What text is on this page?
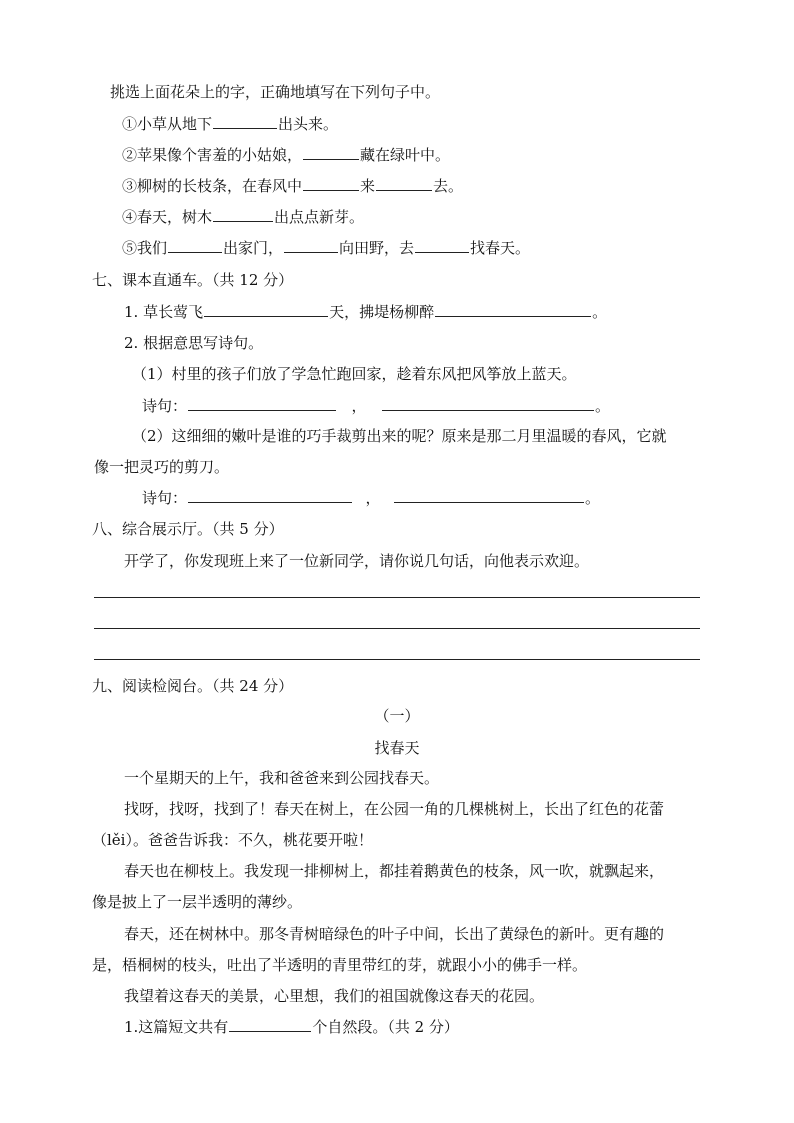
挑选上面花朵上的字，正确地填写在下列句子中。
①小草从地下	出头来。
②苹果像个害羞的小姑娘，	藏在绿叶中。
③柳树的长枝条，在春风中	来	去。
④春天，树木	出点点新芽。
⑤我们	出家门，	向田野，去	找春天。
七、课本直通车。（共 12 分）
1. 草长莺飞	天，拂堤杨柳醉	。
2. 根据意思写诗句。
（1）村里的孩子们放了学急忙跑回家，趁着东风把风筝放上蓝天。
诗句：	，	。
（2）这细细的嫩叶是谁的巧手裁剪出来的呢？原来是那二月里温暖的春风，它就
像一把灵巧的剪刀。
诗句：	，	。
八、综合展示厅。（共 5 分）
开学了，你发现班上来了一位新同学，请你说几句话，向他表示欢迎。
九、阅读检阅台。（共 24 分）
（一）
找春天
一个星期天的上午，我和爸爸来到公园找春天。
找呀，找呀，找到了！春天在树上，在公园一角的几棵桃树上，长出了红色的花蕾
（lěi）。爸爸告诉我：不久，桃花要开啦！
春天也在柳枝上。我发现一排柳树上，都挂着鹅黄色的枝条，风一吹，就飘起来，
像是披上了一层半透明的薄纱。
春天，还在树林中。那冬青树暗绿色的叶子中间，长出了黄绿色的新叶。更有趣的
是，梧桐树的枝头，吐出了半透明的青里带红的芽，就跟小小的佛手一样。
我望着这春天的美景，心里想，我们的祖国就像这春天的花园。
1.这篇短文共有	个自然段。（共 2 分）
